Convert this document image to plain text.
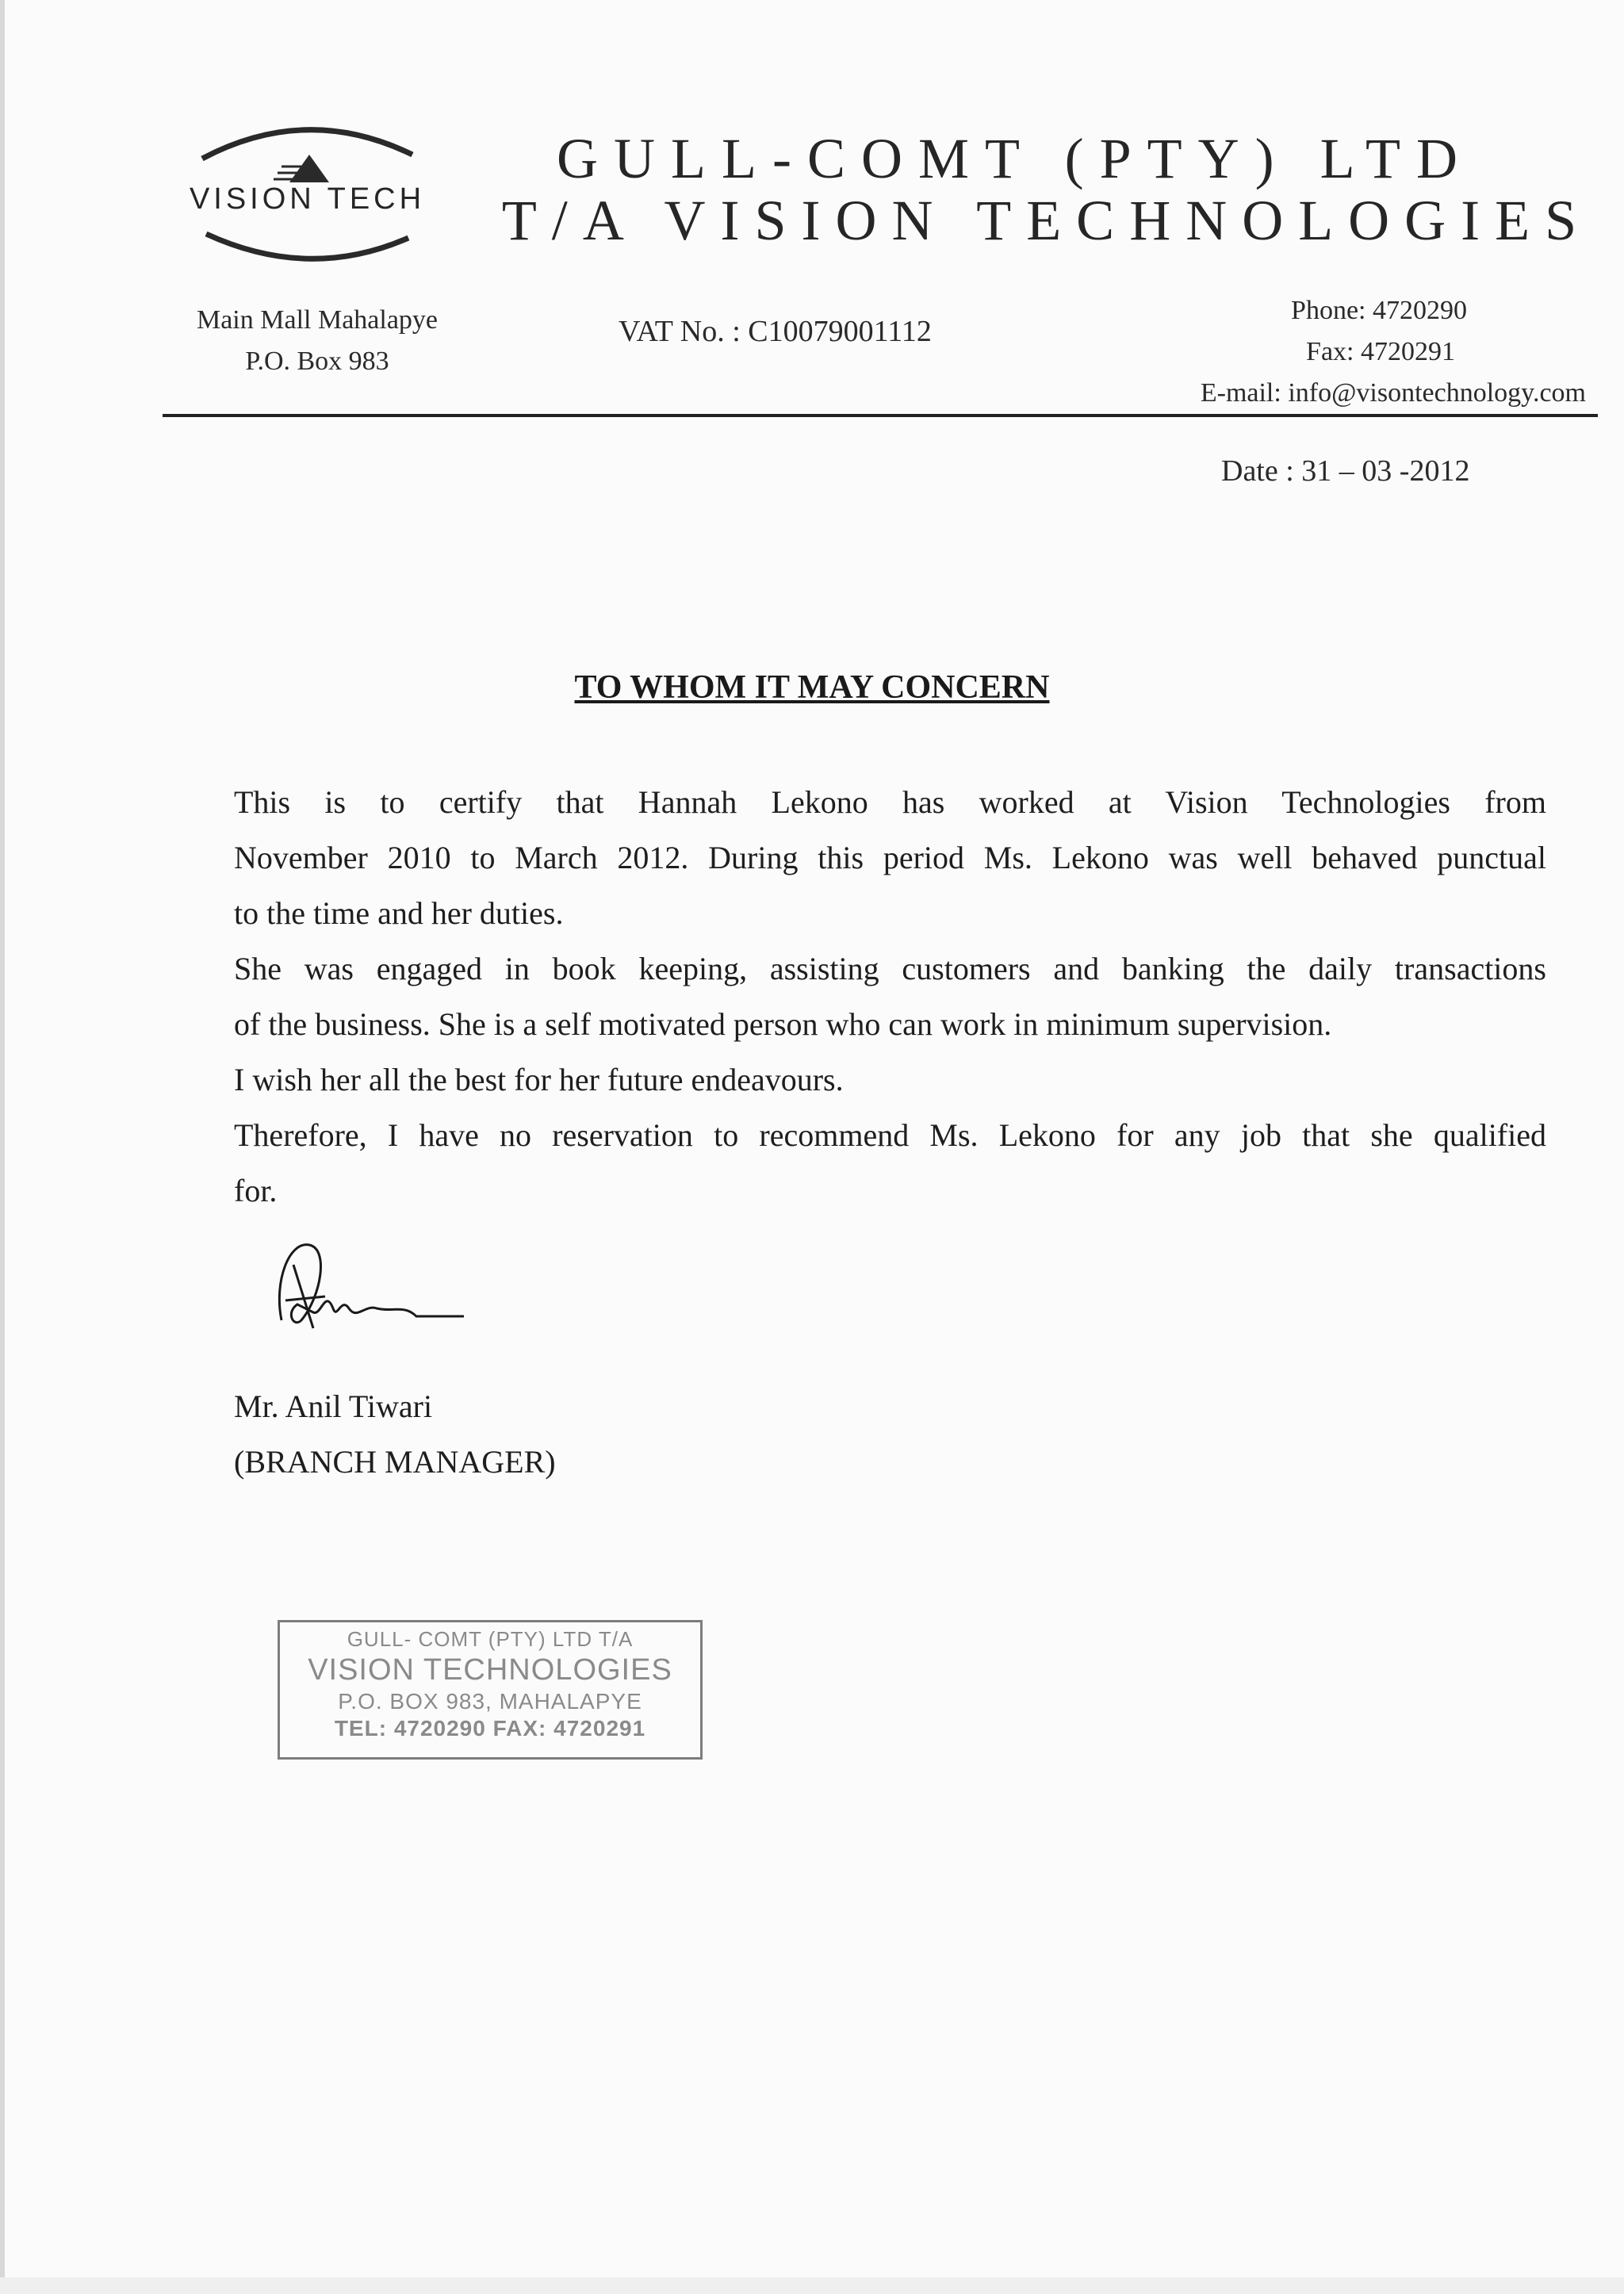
VISION TECH
GULL-COMT (PTY) LTD
T/A VISION TECHNOLOGIES
Main Mall Mahalapye
P.O. Box 983
VAT No. : C10079001112
Phone: 4720290
Fax: 4720291
E-mail: info@visontechnology.com
Date : 31 – 03 -2012
TO WHOM IT MAY CONCERN
This is to certify that Hannah Lekono has worked at Vision Technologies from
November 2010 to March 2012. During this period Ms. Lekono was well behaved punctual
to the time and her duties.
She was engaged in book keeping, assisting customers and banking the daily transactions
of the business. She is a self motivated person who can work in minimum supervision.
I wish her all the best for her future endeavours.
Therefore, I have no reservation to recommend Ms. Lekono for any job that she qualified
for.
Mr. Anil Tiwari
(BRANCH MANAGER)
GULL- COMT (PTY) LTD T/A
VISION TECHNOLOGIES
P.O. BOX 983, MAHALAPYE
TEL: 4720290 FAX: 4720291
